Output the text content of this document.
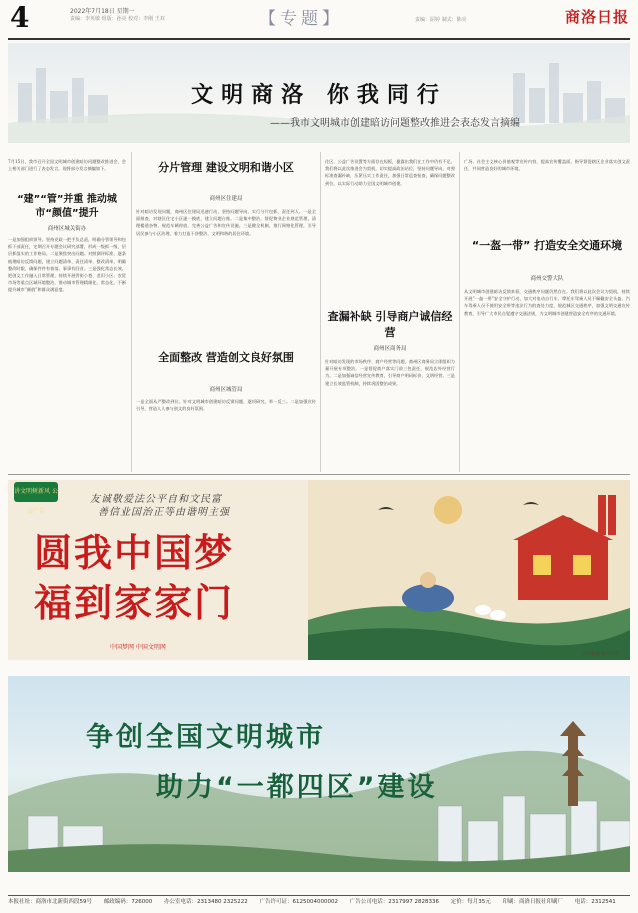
4	2022年7月18日 星期一
责编：李英敏 组版：孙亮 校对：李刚 王双	【专题】	责编：屈婷 制式：陈亮	商洛日报
文明商洛 你我同行
——我市文明城市创建暗访问题整改推进会表态发言摘编
7月15日，我市召开全国文明城市创建暗访问题整改推进会，会上相关部门进行了表态发言，现将部分发言摘编如下。
“建”“管”并重 推动城市“颜值”提升
商州区城关街办
一是加强组织领导。坚持党政一把手负总责，明确分管领导和包抓干部责任，定期召开专题会议研究部署，形成一级抓一级、层层抓落实的工作格局。二是聚焦突出问题。对照测评标准，逐条梳理暗访反馈问题，建立问题清单、责任清单、整改清单，明确整改时限，确保件件有着落、事事有回音。三是强化常态长效。把创文工作融入日常管理，持续开展背街小巷、老旧小区、农贸市场等重点区域环境整治，推动城市管理精细化、常态化，不断提升城市“颜值”和群众满意度。
分片管理 建设文明和谐小区
商州区住建局
针对暗访发现问题，商州区住建局迅速行动，坚持问题导向，实行分片包抓、责任到人。一是全面排查，对辖区住宅小区逐一摸底，建立问题台账。二是集中整治，督促物业企业规范管理，清理楼道杂物、规范车辆停放、完善公益广告和宣传设施。三是健全机制，推行网格化管理，引导居民参与小区治理，着力打造干净整洁、文明和谐的居住环境。
全面整改 营造创文良好氛围
商州区城管局
一是全面从严整改到位。针对文明城市创建暗访反馈问题，逐项研究，举一反三。二是加强宣传引导，营造人人参与创文的良好氛围。
住区、公益广告设置等方面存在短板，暴露出我们在工作中仍有不足。我们将以此次推进会为契机，切实提高政治站位，坚持问题导向，对照标准查漏补缺，压紧压实工作责任，加强日常巡查检查，确保问题整改到位，以实际行动助力全国文明城市创建。
查漏补缺 引导商户诚信经营
商州区商务局
针对暗访发现的市场秩序、商户经营等问题，商州区商务局立即组织力量开展专项整治。一是督促商户落实门前三包责任，规范店外经营行为。二是加强诚信经营宣传教育，引导商户明码标价、文明经营。三是建立长效监管机制，持续巩固整治成果。
广场、社会主义核心价值观等宣传内容，提高宣传覆盖面。指导督促辖区企业落实创文责任，共同营造良好的城市环境。
“一盔一带” 打造安全交通环境
商州交警大队
从文明城市创建暗访反馈来看，交通秩序问题仍然存在。我们将以此次会议为契机，持续开展“一盔一带”安全守护行动，加大对电动自行车、摩托车驾乘人员不佩戴安全头盔、汽车驾乘人员不使用安全带等违法行为的查处力度，规范城区交通秩序，加强文明交通宣传教育，引导广大市民自觉遵守交通法规，为文明城市创建营造安全有序的交通环境。
讲文明树新风 公益广告
友诚敬爱法公平自和文民富
善信业国治正等由谐明主强
圆我中国梦
福到家家门
中国梦网 中国文明网
百年新韵 张书丹作
争创全国文明城市
助力“一都四区”建设
本报社址：商洛市北新街西段59号 邮政编码：726000 办公室电话：2313480 2325222 广告许可证：6125004000002 广告公司电话：2317997 2828336 定价：每月35元 印刷：商洛日报社印刷厂 电话：2312541
